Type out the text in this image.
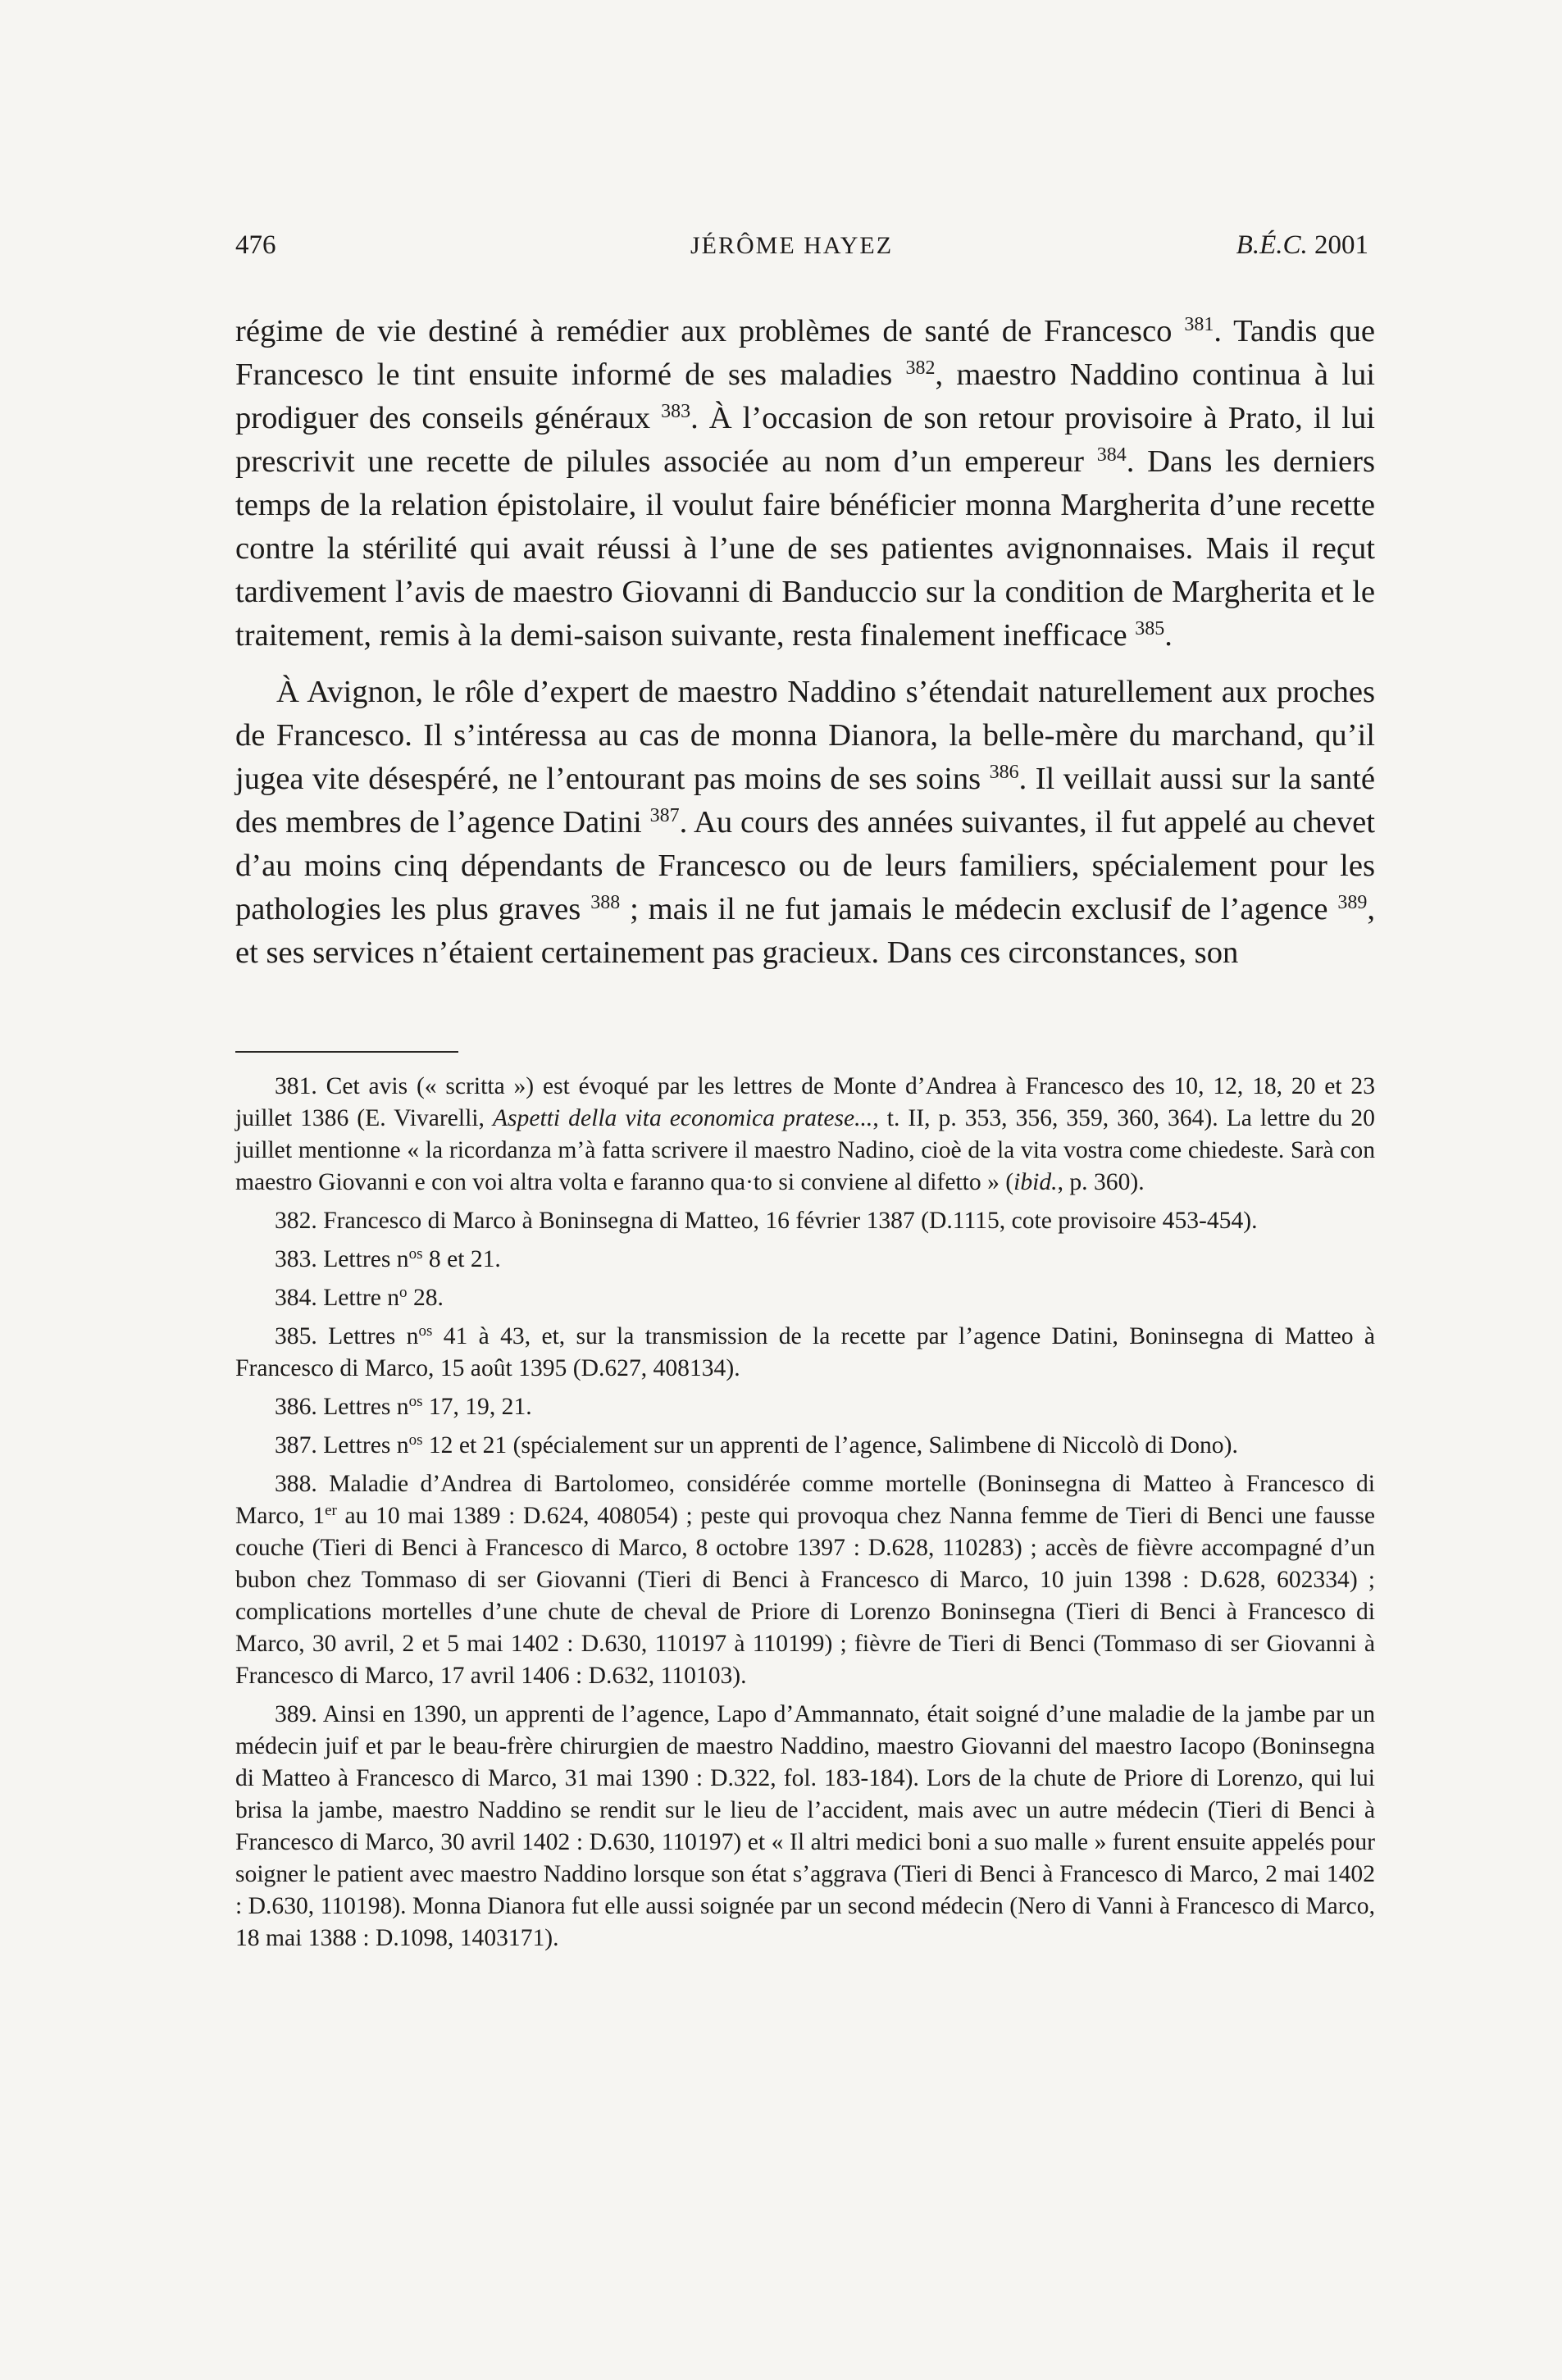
476	JÉRÔME HAYEZ	B.É.C. 2001

régime de vie destiné à remédier aux problèmes de santé de Francesco $^{381}$. Tandis que Francesco le tint ensuite informé de ses maladies $^{382}$, maestro Naddino continua à lui prodiguer des conseils généraux $^{383}$. À l’occasion de son retour provisoire à Prato, il lui prescrivit une recette de pilules associée au nom d’un empereur $^{384}$. Dans les derniers temps de la relation épistolaire, il voulut faire bénéficier monna Margherita d’une recette contre la stérilité qui avait réussi à l’une de ses patientes avignonnaises. Mais il reçut tardivement l’avis de maestro Giovanni di Banduccio sur la condition de Margherita et le traitement, remis à la demi-saison suivante, resta finalement inefficace $^{385}$.

À Avignon, le rôle d’expert de maestro Naddino s’étendait naturellement aux proches de Francesco. Il s’intéressa au cas de monna Dianora, la belle-mère du marchand, qu’il jugea vite désespéré, ne l’entourant pas moins de ses soins $^{386}$. Il veillait aussi sur la santé des membres de l’agence Datini $^{387}$. Au cours des années suivantes, il fut appelé au chevet d’au moins cinq dépendants de Francesco ou de leurs familiers, spécialement pour les pathologies les plus graves $^{388}$ ; mais il ne fut jamais le médecin exclusif de l’agence $^{389}$, et ses services n’étaient certainement pas gracieux. Dans ces circonstances, son

381. Cet avis (« scritta ») est évoqué par les lettres de Monte d’Andrea à Francesco des 10, 12, 18, 20 et 23 juillet 1386 (E. Vivarelli, Aspetti della vita economica pratese..., t. II, p. 353, 356, 359, 360, 364). La lettre du 20 juillet mentionne « la ricordanza m’à fatta scrivere il maestro Nadino, cioè de la vita vostra come chiedeste. Sarà con maestro Giovanni e con voi altra volta e faranno qua·to si conviene al difetto » (ibid., p. 360).

382. Francesco di Marco à Boninsegna di Matteo, 16 février 1387 (D.1115, cote provisoire 453-454).

383. Lettres $n^{os}$ 8 et 21.

384. Lettre $n^o$ 28.

385. Lettres $n^{os}$ 41 à 43, et, sur la transmission de la recette par l’agence Datini, Boninsegna di Matteo à Francesco di Marco, 15 août 1395 (D.627, 408134).

386. Lettres $n^{os}$ 17, 19, 21.

387. Lettres $n^{os}$ 12 et 21 (spécialement sur un apprenti de l’agence, Salimbene di Niccolò di Dono).

388. Maladie d’Andrea di Bartolomeo, considérée comme mortelle (Boninsegna di Matteo à Francesco di Marco, 1er au 10 mai 1389 : D.624, 408054) ; peste qui provoqua chez Nanna femme de Tieri di Benci une fausse couche (Tieri di Benci à Francesco di Marco, 8 octobre 1397 : D.628, 110283) ; accès de fièvre accompagné d’un bubon chez Tommaso di ser Giovanni (Tieri di Benci à Francesco di Marco, 10 juin 1398 : D.628, 602334) ; complications mortelles d’une chute de cheval de Priore di Lorenzo Boninsegna (Tieri di Benci à Francesco di Marco, 30 avril, 2 et 5 mai 1402 : D.630, 110197 à 110199) ; fièvre de Tieri di Benci (Tommaso di ser Giovanni à Francesco di Marco, 17 avril 1406 : D.632, 110103).

389. Ainsi en 1390, un apprenti de l’agence, Lapo d’Ammannato, était soigné d’une maladie de la jambe par un médecin juif et par le beau-frère chirurgien de maestro Naddino, maestro Giovanni del maestro Iacopo (Boninsegna di Matteo à Francesco di Marco, 31 mai 1390 : D.322, fol. 183-184). Lors de la chute de Priore di Lorenzo, qui lui brisa la jambe, maestro Naddino se rendit sur le lieu de l’accident, mais avec un autre médecin (Tieri di Benci à Francesco di Marco, 30 avril 1402 : D.630, 110197) et « Il altri medici boni a suo malle » furent ensuite appelés pour soigner le patient avec maestro Naddino lorsque son état s’aggrava (Tieri di Benci à Francesco di Marco, 2 mai 1402 : D.630, 110198). Monna Dianora fut elle aussi soignée par un second médecin (Nero di Vanni à Francesco di Marco, 18 mai 1388 : D.1098, 1403171).
